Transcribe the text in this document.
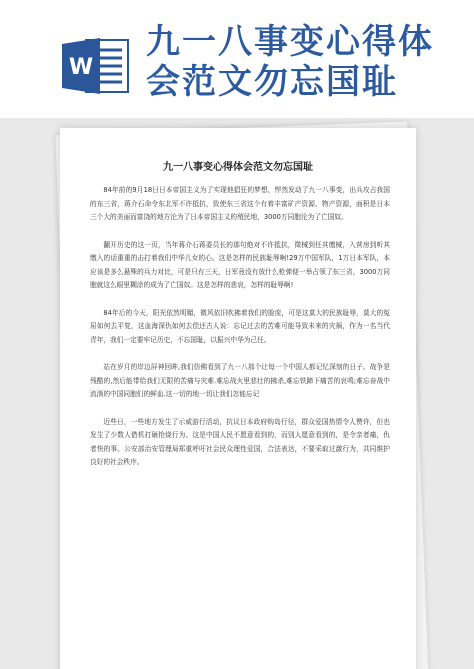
W
九一八事变心得体
会范文勿忘国耻
九一八事变心得体会范文勿忘国耻

84年前的9月18日日本帝国主义为了实现他猖狂的梦想，悍然发动了九一八事变，出兵攻占我国的东三省，蒋介石命令东北军不许抵抗，致使东三省这个有着丰富矿产资源、物产资源，面积是日本三个大的美丽而富饶的地方沦为了日本帝国主义的殖民地，3000万同胞沦为了亡国奴。

翻开历史的这一页，当年蒋介石蒋委员长的那句绝对不许抵抗，徵械到任其缴械，入营房到听其缴入的话重重的击打着我们中华儿女的心。这是怎样的民族耻辱啊!29万中国军队，1万日本军队，本应该是多么悬殊的兵力对比，可是只有三天，日军竟没有放什么枪弹便一举占领了东三省，3000万同胞就这么眼里糊涂的成为了亡国奴。这是怎样的悲哀，怎样的耻辱啊!

84年后的今天，阳光依然明媚，微风依旧吹拂着我们的脸庞，可是这莫大的民族耻辱，莫大的冤屈如何去平复，这血海深仇如何去偿还古人说：忘记过去的苦难可能导致未来的灾祸，作为一名当代青年，我们一定要牢记历史，不忘国耻，以振兴中华为己任。

站在岁月的岸边屏神回眸,我们仿佛看到了九一八那个让每一个中国人都记忆深刻的日子。战争是残酷的,然后能带给我们无限的苦痛与灾难.难忘战火里悲壮的拂杀,难忘铁蹄下痛苦的哀鸣;难忘奋战中流淌的中国同胞们的鲜血.这一切的地一切让我们怎能忘记

近些日，一些地方发生了示威游行活动，抗议日本政府购岛行径，群众爱国热情令人赞许，但也发生了少数人借机打砸抢烧行为。这是中国人民不愿意看到的，而别人愿意看到的，是令亲者痛，仇者快的事。公安部治安管理局郑重呼吁社会民众理性爱国，合法表达，不要采取过激行为，共同维护良好的社会秩序。
